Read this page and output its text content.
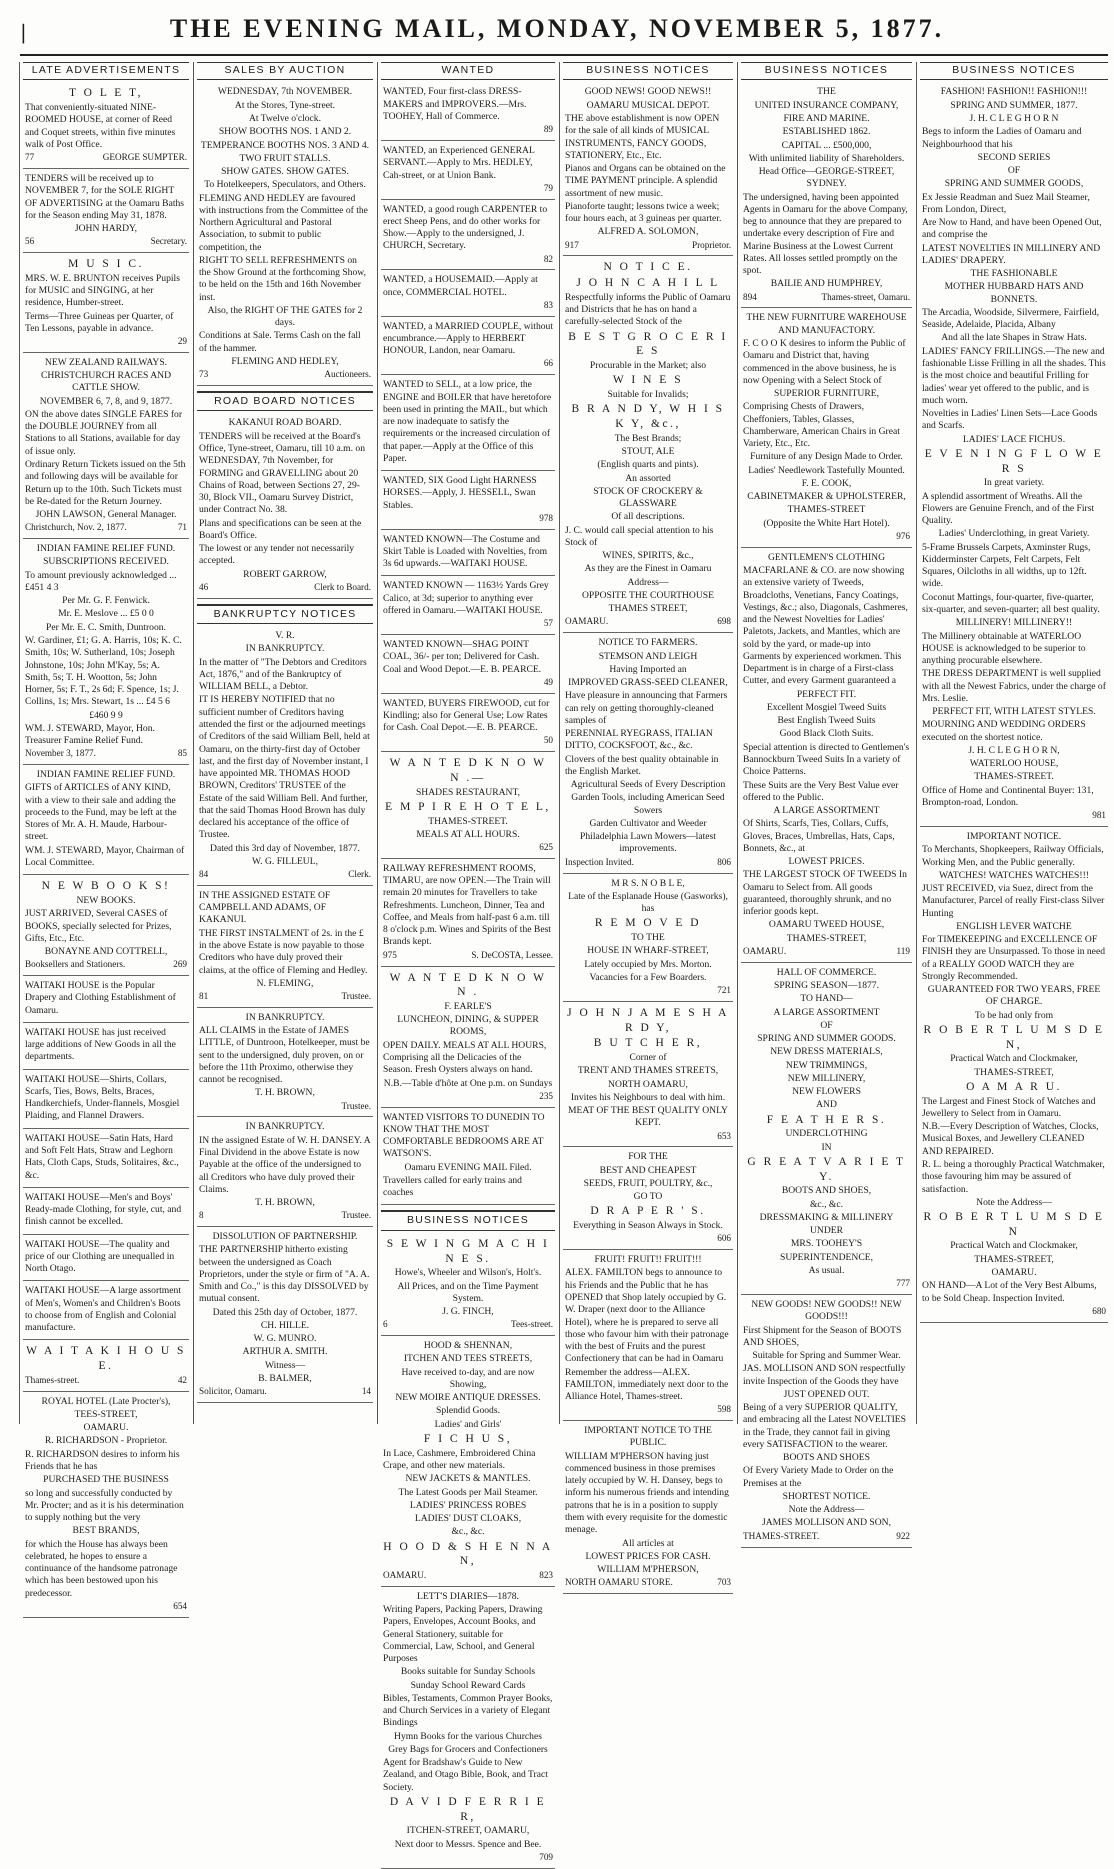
|	THE EVENING MAIL, MONDAY, NOVEMBER 5, 1877.
LATE ADVERTISEMENTS

T O L E T,

That conveniently-situated NINE-ROOMED HOUSE, at corner of Reed and Coquet streets, within five minutes walk of Post Office.

77	GEORGE SUMPTER.

TENDERS will be received up to NOVEMBER 7, for the SOLE RIGHT OF ADVERTISING at the Oamaru Baths for the Season ending May 31, 1878.

JOHN HARDY,

56	Secretary.

M U S I C.

MRS. W. E. BRUNTON receives Pupils for MUSIC and SINGING, at her residence, Humber-street.

Terms—Three Guineas per Quarter, of Ten Lessons, payable in advance.

29

NEW ZEALAND RAILWAYS.

CHRISTCHURCH RACES AND CATTLE SHOW.

NOVEMBER 6, 7, 8, and 9, 1877.

ON the above dates SINGLE FARES for the DOUBLE JOURNEY from all Stations to all Stations, available for day of issue only.

Ordinary Return Tickets issued on the 5th and following days will be available for Return up to the 10th. Such Tickets must be Re-dated for the Return Journey.

JOHN LAWSON, General Manager.

Christchurch, Nov. 2, 1877.	71

INDIAN FAMINE RELIEF FUND.

SUBSCRIPTIONS RECEIVED.

To amount previously acknowledged ... £451 4 3

Per Mr. G. F. Fenwick.

Mr. E. Meslove ... £5 0 0

Per Mr. E. C. Smith, Duntroon.

W. Gardiner, £1; G. A. Harris, 10s; K. C. Smith, 10s; W. Sutherland, 10s; Joseph Johnstone, 10s; John M'Kay, 5s; A. Smith, 5s; T. H. Wootton, 5s; John Horner, 5s; F. T., 2s 6d; F. Spence, 1s; J. Collins, 1s; Mrs. Stewart, 1s ... £4 5 6

£460 9 9

WM. J. STEWARD, Mayor, Hon. Treasurer Famine Relief Fund.

November 3, 1877.	85

INDIAN FAMINE RELIEF FUND.

GIFTS of ARTICLES of ANY KIND, with a view to their sale and adding the proceeds to the Fund, may be left at the Stores of Mr. A. H. Maude, Harbour-street.

WM. J. STEWARD, Mayor, Chairman of Local Committee.

N E W B O O K S!

NEW BOOKS.

JUST ARRIVED, Several CASES of BOOKS, specially selected for Prizes, Gifts, Etc., Etc.

BONAYNE AND COTTRELL,

Booksellers and Stationers.	269

WAITAKI HOUSE is the Popular Drapery and Clothing Establishment of Oamaru.

WAITAKI HOUSE has just received large additions of New Goods in all the departments.

WAITAKI HOUSE—Shirts, Collars, Scarfs, Ties, Bows, Belts, Braces, Handkerchiefs, Under-flannels, Mosgiel Plaiding, and Flannel Drawers.

WAITAKI HOUSE—Satin Hats, Hard and Soft Felt Hats, Straw and Leghorn Hats, Cloth Caps, Studs, Solitaires, &c., &c.

WAITAKI HOUSE—Men's and Boys' Ready-made Clothing, for style, cut, and finish cannot be excelled.

WAITAKI HOUSE—The quality and price of our Clothing are unequalled in North Otago.

WAITAKI HOUSE—A large assortment of Men's, Women's and Children's Boots to choose from of English and Colonial manufacture.

W A I T A K I H O U S E.

Thames-street.	42

ROYAL HOTEL (Late Procter's),

TEES-STREET,

OAMARU.

R. RICHARDSON - Proprietor.

R. RICHARDSON desires to inform his Friends that he has

PURCHASED THE BUSINESS

so long and successfully conducted by Mr. Procter; and as it is his determination to supply nothing but the very

BEST BRANDS,

for which the House has always been celebrated, he hopes to ensure a continuance of the handsome patronage which has been bestowed upon his predecessor.

654
SALES BY AUCTION

WEDNESDAY, 7th NOVEMBER.

At the Stores, Tyne-street.

At Twelve o'clock.

SHOW BOOTHS NOS. 1 AND 2.

TEMPERANCE BOOTHS NOS. 3 AND 4.

TWO FRUIT STALLS.

SHOW GATES. SHOW GATES.

To Hotelkeepers, Speculators, and Others.

FLEMING AND HEDLEY are favoured with instructions from the Committee of the Northern Agricultural and Pastoral Association, to submit to public competition, the

RIGHT TO SELL REFRESHMENTS on the Show Ground at the forthcoming Show, to be held on the 15th and 16th November inst.

Also, the RIGHT OF THE GATES for 2 days.

Conditions at Sale. Terms Cash on the fall of the hammer.

FLEMING AND HEDLEY,

73	Auctioneers.
ROAD BOARD NOTICES

KAKANUI ROAD BOARD.

TENDERS will be received at the Board's Office, Tyne-street, Oamaru, till 10 a.m. on WEDNESDAY, 7th November, for FORMING and GRAVELLING about 20 Chains of Road, between Sections 27, 29-30, Block VII., Oamaru Survey District, under Contract No. 38.

Plans and specifications can be seen at the Board's Office.

The lowest or any tender not necessarily accepted.

ROBERT GARROW,

46	Clerk to Board.
BANKRUPTCY NOTICES

V. R.

IN BANKRUPTCY.

In the matter of "The Debtors and Creditors Act, 1876," and of the Bankruptcy of WILLIAM BELL, a Debtor.

IT IS HEREBY NOTIFIED that no sufficient number of Creditors having attended the first or the adjourned meetings of Creditors of the said William Bell, held at Oamaru, on the thirty-first day of October last, and the first day of November instant, I have appointed MR. THOMAS HOOD BROWN, Creditors' TRUSTEE of the Estate of the said William Bell. And further, that the said Thomas Hood Brown has duly declared his acceptance of the office of Trustee.

Dated this 3rd day of November, 1877.

W. G. FILLEUL,

84	Clerk.

IN THE ASSIGNED ESTATE OF CAMPBELL AND ADAMS, OF KAKANUI.

THE FIRST INSTALMENT of 2s. in the £ in the above Estate is now payable to those Creditors who have duly proved their claims, at the office of Fleming and Hedley.

N. FLEMING,

81	Trustee.

IN BANKRUPTCY.

ALL CLAIMS in the Estate of JAMES LITTLE, of Duntroon, Hotelkeeper, must be sent to the undersigned, duly proven, on or before the 11th Proximo, otherwise they cannot be recognised.

T. H. BROWN,

Trustee.

IN BANKRUPTCY.

IN the assigned Estate of W. H. DANSEY. A Final Dividend in the above Estate is now Payable at the office of the undersigned to all Creditors who have duly proved their Claims.

T. H. BROWN,

8	Trustee.

DISSOLUTION OF PARTNERSHIP.

THE PARTNERSHIP hitherto existing between the undersigned as Coach Proprietors, under the style or firm of "A. A. Smith and Co.," is this day DISSOLVED by mutual consent.

Dated this 25th day of October, 1877.

CH. HILLE.

W. G. MUNRO.

ARTHUR A. SMITH.

Witness—

B. BALMER,

Solicitor, Oamaru.	14
WANTED

WANTED, Four first-class DRESS-MAKERS and IMPROVERS.—Mrs. TOOHEY, Hall of Commerce.

89

WANTED, an Experienced GENERAL SERVANT.—Apply to Mrs. HEDLEY, Cah-street, or at Union Bank.

79

WANTED, a good rough CARPENTER to erect Sheep Pens, and do other works for Show.—Apply to the undersigned, J. CHURCH, Secretary.

82

WANTED, a HOUSEMAID.—Apply at once, COMMERCIAL HOTEL.

83

WANTED, a MARRIED COUPLE, without encumbrance.—Apply to HERBERT HONOUR, Landon, near Oamaru.

66

WANTED to SELL, at a low price, the ENGINE and BOILER that have heretofore been used in printing the MAIL, but which are now inadequate to satisfy the requirements or the increased circulation of that paper.—Apply at the Office of this Paper.

WANTED, SIX Good Light HARNESS HORSES.—Apply, J. HESSELL, Swan Stables.

978

WANTED KNOWN—The Costume and Skirt Table is Loaded with Novelties, from 3s 6d upwards.—WAITAKI HOUSE.

WANTED KNOWN — 1163½ Yards Grey Calico, at 3d; superior to anything ever offered in Oamaru.—WAITAKI HOUSE.

57

WANTED KNOWN—SHAG POINT COAL, 36/- per ton; Delivered for Cash. Coal and Wood Depot.—E. B. PEARCE.

49

WANTED, BUYERS FIREWOOD, cut for Kindling; also for General Use; Low Rates for Cash. Coal Depot.—E. B. PEARCE.

50

W A N T E D K N O W N .—

SHADES RESTAURANT,

E M P I R E H O T E L,

THAMES-STREET.

MEALS AT ALL HOURS.

625

RAILWAY REFRESHMENT ROOMS, TIMARU, are now OPEN.—The Train will remain 20 minutes for Travellers to take Refreshments. Luncheon, Dinner, Tea and Coffee, and Meals from half-past 6 a.m. till 8 o'clock p.m. Wines and Spirits of the Best Brands kept.

975	S. DeCOSTA, Lessee.

W A N T E D K N O W N .

F. EARLE'S

LUNCHEON, DINING, & SUPPER ROOMS,

OPEN DAILY. MEALS AT ALL HOURS, Comprising all the Delicacies of the Season. Fresh Oysters always on hand.

N.B.—Table d'hôte at One p.m. on Sundays

235

WANTED VISITORS TO DUNEDIN TO KNOW THAT THE MOST COMFORTABLE BEDROOMS ARE AT WATSON'S.

Oamaru EVENING MAIL Filed.

Travellers called for early trains and coaches

BUSINESS NOTICES

S E W I N G M A C H I N E S.

Howe's, Wheeler and Wilson's, Holt's.

All Prices, and on the Time Payment System.

J. G. FINCH,

6	Tees-street.

HOOD & SHENNAN,

ITCHEN AND TEES STREETS,

Have received to-day, and are now Showing,

NEW MOIRE ANTIQUE DRESSES.

Splendid Goods.

Ladies' and Girls'

F I C H U S,

In Lace, Cashmere, Embroidered China Crape, and other new materials.

NEW JACKETS & MANTLES.

The Latest Goods per Mail Steamer.

LADIES' PRINCESS ROBES

LADIES' DUST CLOAKS,

&c., &c.

H O O D & S H E N N A N,

OAMARU.	823

LETT'S DIARIES—1878.

Writing Papers, Packing Papers, Drawing Papers, Envelopes, Account Books, and General Stationery, suitable for Commercial, Law, School, and General Purposes

Books suitable for Sunday Schools

Sunday School Reward Cards

Bibles, Testaments, Common Prayer Books, and Church Services in a variety of Elegant Bindings

Hymn Books for the various Churches

Grey Bags for Grocers and Confectioners

Agent for Bradshaw's Guide to New Zealand, and Otago Bible, Book, and Tract Society.

D A V I D F E R R I E R,

ITCHEN-STREET, OAMARU,

Next door to Messrs. Spence and Bee.

709
BUSINESS NOTICES

GOOD NEWS! GOOD NEWS!!

OAMARU MUSICAL DEPOT.

THE above establishment is now OPEN for the sale of all kinds of MUSICAL INSTRUMENTS, FANCY GOODS, STATIONERY, Etc., Etc.

Pianos and Organs can be obtained on the TIME PAYMENT principle. A splendid assortment of new music.

Pianoforte taught; lessons twice a week; four hours each, at 3 guineas per quarter.

ALFRED A. SOLOMON,

917	Proprietor.

N O T I C E.

J O H N C A H I L L

Respectfully informs the Public of Oamaru and Districts that he has on hand a carefully-selected Stock of the

B E S T G R O C E R I E S

Procurable in the Market; also

W I N E S

Suitable for Invalids;

B R A N D Y, W H I S K Y, &c.,

The Best Brands;

STOUT, ALE

(English quarts and pints).

An assorted

STOCK OF CROCKERY & GLASSWARE

Of all descriptions.

J. C. would call special attention to his Stock of

WINES, SPIRITS, &c.,

As they are the Finest in Oamaru

Address—

OPPOSITE THE COURTHOUSE

THAMES STREET,

OAMARU.	698

NOTICE TO FARMERS.

STEMSON AND LEIGH

Having Imported an

IMPROVED GRASS-SEED CLEANER,

Have pleasure in announcing that Farmers can rely on getting thoroughly-cleaned samples of

PERENNIAL RYEGRASS, ITALIAN DITTO, COCKSFOOT, &c., &c.

Clovers of the best quality obtainable in the English Market.

Agricultural Seeds of Every Description

Garden Tools, including American Seed Sowers

Garden Cultivator and Weeder

Philadelphia Lawn Mowers—latest improvements.

Inspection Invited.	806

M R S. N O B L E,

Late of the Esplanade House (Gasworks), has

R E M O V E D

TO THE

HOUSE IN WHARF-STREET,

Lately occupied by Mrs. Morton.

Vacancies for a Few Boarders.

721

J O H N J A M E S H A R D Y,

B U T C H E R,

Corner of

TRENT AND THAMES STREETS,

NORTH OAMARU,

Invites his Neighbours to deal with him.

MEAT OF THE BEST QUALITY ONLY KEPT.

653

FOR THE

BEST AND CHEAPEST

SEEDS, FRUIT, POULTRY, &c.,

GO TO

D R A P E R ' S.

Everything in Season Always in Stock.

606

FRUIT! FRUIT!! FRUIT!!!

ALEX. FAMILTON begs to announce to his Friends and the Public that he has OPENED that Shop lately occupied by G. W. Draper (next door to the Alliance Hotel), where he is prepared to serve all those who favour him with their patronage with the best of Fruits and the purest Confectionery that can be had in Oamaru

Remember the address—ALEX. FAMILTON, immediately next door to the Alliance Hotel, Thames-street.

598

IMPORTANT NOTICE TO THE PUBLIC.

WILLIAM M'PHERSON having just commenced business in those premises lately occupied by W. H. Dansey, begs to inform his numerous friends and intending patrons that he is in a position to supply them with every requisite for the domestic menage.

All articles at

LOWEST PRICES FOR CASH.

WILLIAM M'PHERSON,

NORTH OAMARU STORE.	703
BUSINESS NOTICES

THE

UNITED INSURANCE COMPANY,

FIRE AND MARINE.

ESTABLISHED 1862.

CAPITAL ... £500,000,

With unlimited liability of Shareholders.

Head Office—GEORGE-STREET, SYDNEY.

The undersigned, having been appointed Agents in Oamaru for the above Company, beg to announce that they are prepared to undertake every description of Fire and Marine Business at the Lowest Current Rates. All losses settled promptly on the spot.

BAILIE AND HUMPHREY,

894	Thames-street, Oamaru.

THE NEW FURNITURE WAREHOUSE AND MANUFACTORY.

F. C O O K desires to inform the Public of Oamaru and District that, having commenced in the above business, he is now Opening with a Select Stock of

SUPERIOR FURNITURE,

Comprising Chests of Drawers, Cheffoniers, Tables, Glasses, Chamberware, American Chairs in Great Variety, Etc., Etc.

Furniture of any Design Made to Order.

Ladies' Needlework Tastefully Mounted.

F. E. COOK,

CABINETMAKER & UPHOLSTERER,

THAMES-STREET

(Opposite the White Hart Hotel).

976

GENTLEMEN'S CLOTHING

MACFARLANE & CO. are now showing an extensive variety of Tweeds, Broadcloths, Venetians, Fancy Coatings, Vestings, &c.; also, Diagonals, Cashmeres, and the Newest Novelties for Ladies' Paletots, Jackets, and Mantles, which are sold by the yard, or made-up into Garments by experienced workmen. This Department is in charge of a First-class Cutter, and every Garment guaranteed a

PERFECT FIT.

Excellent Mosgiel Tweed Suits

Best English Tweed Suits

Good Black Cloth Suits.

Special attention is directed to Gentlemen's Bannockburn Tweed Suits In a variety of Choice Patterns.

These Suits are the Very Best Value ever offered to the Public.

A LARGE ASSORTMENT

Of Shirts, Scarfs, Ties, Collars, Cuffs, Gloves, Braces, Umbrellas, Hats, Caps, Bonnets, &c., at

LOWEST PRICES.

THE LARGEST STOCK OF TWEEDS In Oamaru to Select from. All goods guaranteed, thoroughly shrunk, and no inferior goods kept.

OAMARU TWEED HOUSE,

THAMES-STREET,

OAMARU.	119

HALL OF COMMERCE.

SPRING SEASON—1877.

TO HAND—

A LARGE ASSORTMENT

OF

SPRING AND SUMMER GOODS.

NEW DRESS MATERIALS,

NEW TRIMMINGS,

NEW MILLINERY,

NEW FLOWERS

AND

F E A T H E R S.

UNDERCLOTHING

IN

G R E A T V A R I E T Y.

BOOTS AND SHOES,

&c., &c.

DRESSMAKING & MILLINERY

UNDER

MRS. TOOHEY'S

SUPERINTENDENCE,

As usual.

777

NEW GOODS! NEW GOODS!! NEW GOODS!!!

First Shipment for the Season of BOOTS AND SHOES,

Suitable for Spring and Summer Wear.

JAS. MOLLISON AND SON respectfully invite Inspection of the Goods they have

JUST OPENED OUT.

Being of a very SUPERIOR QUALITY, and embracing all the Latest NOVELTIES in the Trade, they cannot fail in giving every SATISFACTION to the wearer.

BOOTS AND SHOES

Of Every Variety Made to Order on the Premises at the

SHORTEST NOTICE.

Note the Address—

JAMES MOLLISON AND SON,

THAMES-STREET.	922
BUSINESS NOTICES

FASHION! FASHION!! FASHION!!!

SPRING AND SUMMER, 1877.

J. H. C L E G H O R N

Begs to inform the Ladies of Oamaru and Neighbourhood that his

SECOND SERIES

OF

SPRING AND SUMMER GOODS,

Ex Jessie Readman and Suez Mail Steamer, From London, Direct,

Are Now to Hand, and have been Opened Out, and comprise the

LATEST NOVELTIES IN MILLINERY AND LADIES' DRAPERY.

THE FASHIONABLE

MOTHER HUBBARD HATS AND BONNETS.

The Arcadia, Woodside, Silvermere, Fairfield, Seaside, Adelaide, Placida, Albany

And all the late Shapes in Straw Hats.

LADIES' FANCY FRILLINGS.—The new and fashionable Lisse Frilling in all the shades. This is the most choice and beautiful Frilling for ladies' wear yet offered to the public, and is much worn.

Novelties in Ladies' Linen Sets—Lace Goods and Scarfs.

LADIES' LACE FICHUS.

E V E N I N G F L O W E R S

In great variety.

A splendid assortment of Wreaths. All the Flowers are Genuine French, and of the First Quality.

Ladies' Underclothing, in great Variety.

5-Frame Brussels Carpets, Axminster Rugs, Kidderminster Carpets, Felt Carpets, Felt Squares, Oilcloths in all widths, up to 12ft. wide.

Coconut Mattings, four-quarter, five-quarter, six-quarter, and seven-quarter; all best quality.

MILLINERY! MILLINERY!!

The Millinery obtainable at WATERLOO HOUSE is acknowledged to be superior to anything procurable elsewhere.

THE DRESS DEPARTMENT is well supplied with all the Newest Fabrics, under the charge of Mrs. Leslie.

PERFECT FIT, WITH LATEST STYLES.

MOURNING AND WEDDING ORDERS executed on the shortest notice.

J. H. C L E G H O R N,

WATERLOO HOUSE,

THAMES-STREET.

Office of Home and Continental Buyer: 131, Brompton-road, London.

981

IMPORTANT NOTICE.

To Merchants, Shopkeepers, Railway Officials, Working Men, and the Public generally.

WATCHES! WATCHES WATCHES!!!

JUST RECEIVED, via Suez, direct from the Manufacturer, Parcel of really First-class Silver Hunting

ENGLISH LEVER WATCHE

For TIMEKEEPING and EXCELLENCE OF FINISH they are Unsurpassed. To those in need of a REALLY GOOD WATCH they are Strongly Recommended.

GUARANTEED FOR TWO YEARS, FREE OF CHARGE.

To be had only from

R O B E R T L U M S D E N,

Practical Watch and Clockmaker,

THAMES-STREET,

O A M A R U.

The Largest and Finest Stock of Watches and Jewellery to Select from in Oamaru.

N.B.—Every Description of Watches, Clocks, Musical Boxes, and Jewellery CLEANED AND REPAIRED.

R. L. being a thoroughly Practical Watchmaker, those favouring him may be assured of satisfaction.

Note the Address—

R O B E R T L U M S D E N

Practical Watch and Clockmaker,

THAMES-STREET,

OAMARU.

ON HAND—A Lot of the Very Best Albums, to be Sold Cheap. Inspection Invited.

680
